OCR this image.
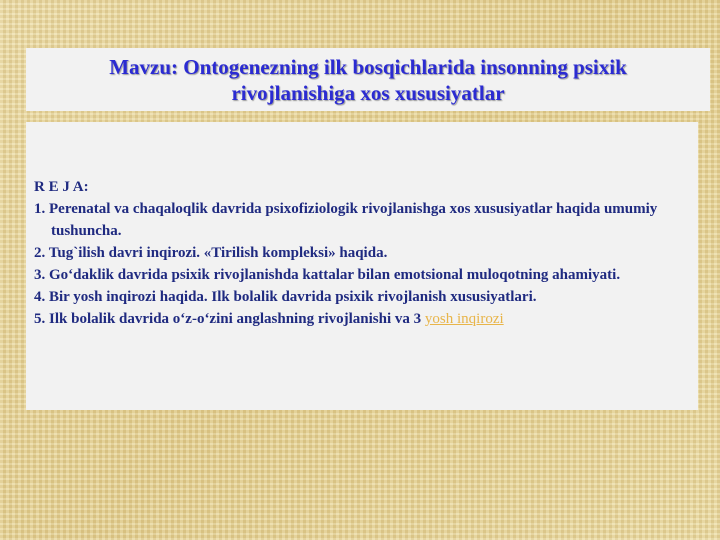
Mavzu: Ontogenezning ilk bosqichlarida insonning psixik rivojlanishiga xos xususiyatlar

R E J A:

1. Perenatal va chaqaloqlik davrida psixofiziologik rivojlanishga xos xususiyatlar haqida umumiy tushuncha.
2. Tug`ilish davri inqirozi. «Tirilish kompleksi» haqida.
3. Go‘daklik davrida psixik rivojlanishda kattalar bilan emotsional muloqotning ahamiyati.
4. Bir yosh inqirozi haqida. Ilk bolalik davrida psixik rivojlanish xususiyatlari.
5. Ilk bolalik davrida o‘z-o‘zini anglashning rivojlanishi va 3 yosh inqirozi
